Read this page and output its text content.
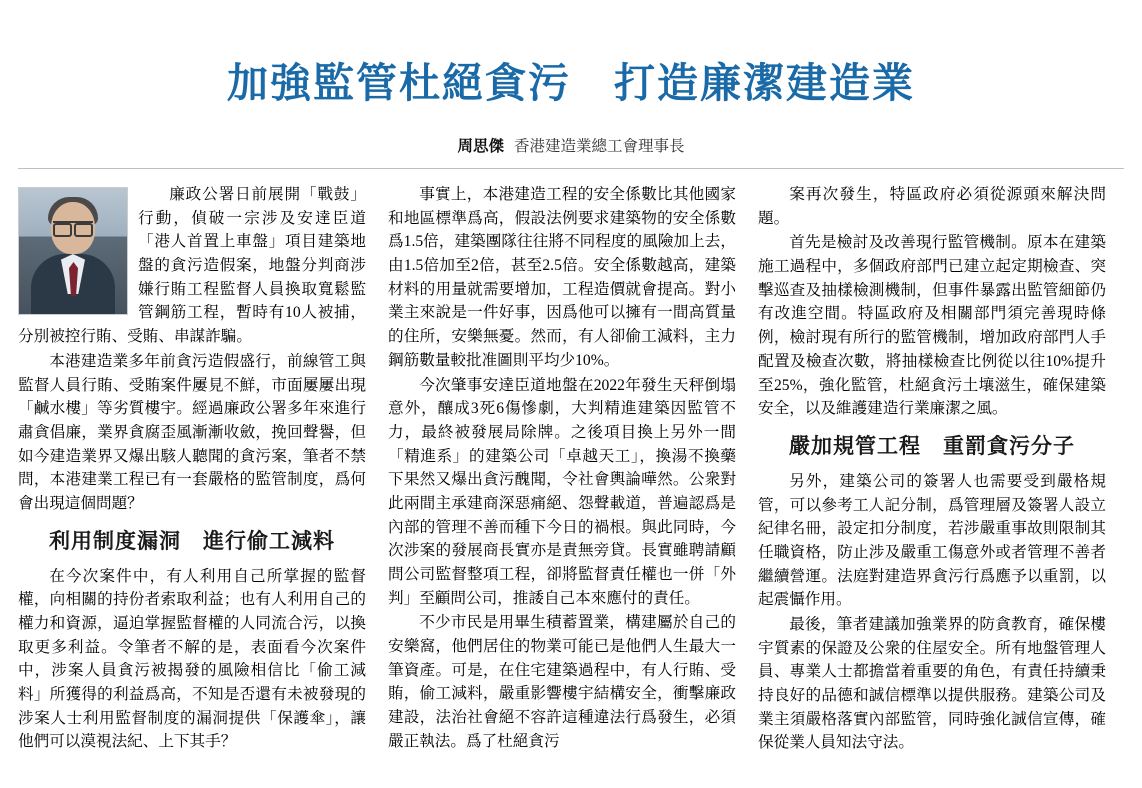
加強監管杜絕貪污　打造廉潔建造業
周思傑 香港建造業總工會理事長

廉政公署日前展開「戰鼓」行動，偵破一宗涉及安達臣道「港人首置上車盤」項目建築地盤的貪污造假案，地盤分判商涉嫌行賄工程監督人員換取寬鬆監管鋼筋工程，暫時有10人被捕，分別被控行賄、受賄、串謀詐騙。

本港建造業多年前貪污造假盛行，前線管工與監督人員行賄、受賄案件屢見不鮮，市面屢屢出現「鹹水樓」等劣質樓宇。經過廉政公署多年來進行肅貪倡廉，業界貪腐歪風漸漸收斂，挽回聲譽，但如今建造業界又爆出駭人聽聞的貪污案，筆者不禁問，本港建業工程已有一套嚴格的監管制度，爲何會出現這個問題？

利用制度漏洞　進行偷工減料

在今次案件中，有人利用自己所掌握的監督權，向相關的持份者索取利益；也有人利用自己的權力和資源，逼迫掌握監督權的人同流合污，以換取更多利益。令筆者不解的是，表面看今次案件中，涉案人員貪污被揭發的風險相信比「偷工減料」所獲得的利益爲高，不知是否還有未被發現的涉案人士利用監督制度的漏洞提供「保護傘」，讓他們可以漠視法紀、上下其手？

事實上，本港建造工程的安全係數比其他國家和地區標準爲高，假設法例要求建築物的安全係數爲1.5倍，建築團隊往往將不同程度的風險加上去，由1.5倍加至2倍，甚至2.5倍。安全係數越高，建築材料的用量就需要增加，工程造價就會提高。對小業主來說是一件好事，因爲他可以擁有一間高質量的住所，安樂無憂。然而，有人卻偷工減料，主力鋼筋數量較批准圖則平均少10%。

今次肇事安達臣道地盤在2022年發生天秤倒塌意外，釀成3死6傷慘劇，大判精進建築因監管不力，最終被發展局除牌。之後項目換上另外一間「精進系」的建築公司「卓越天工」，換湯不換藥下果然又爆出貪污醜聞，令社會輿論嘩然。公衆對此兩間主承建商深惡痛絕、怨聲載道，普遍認爲是內部的管理不善而種下今日的禍根。與此同時，今次涉案的發展商長實亦是責無旁貸。長實雖聘請顧問公司監督整項工程，卻將監督責任權也一併「外判」至顧問公司，推諉自己本來應付的責任。

不少市民是用畢生積蓄置業，構建屬於自己的安樂窩，他們居住的物業可能已是他們人生最大一筆資產。可是，在住宅建築過程中，有人行賄、受賄，偷工減料，嚴重影響樓宇結構安全，衝擊廉政建設，法治社會絕不容許這種違法行爲發生，必須嚴正執法。爲了杜絕貪污

案再次發生，特區政府必須從源頭來解決問題。

首先是檢討及改善現行監管機制。原本在建築施工過程中，多個政府部門已建立起定期檢查、突擊巡查及抽樣檢測機制，但事件暴露出監管細節仍有改進空間。特區政府及相關部門須完善現時條例，檢討現有所行的監管機制，增加政府部門人手配置及檢查次數，將抽樣檢查比例從以往10%提升至25%，強化監管，杜絕貪污土壤滋生，確保建築安全，以及維護建造行業廉潔之風。

嚴加規管工程　重罰貪污分子

另外，建築公司的簽署人也需要受到嚴格規管，可以參考工人記分制，爲管理層及簽署人設立紀律名冊，設定扣分制度，若涉嚴重事故則限制其任職資格，防止涉及嚴重工傷意外或者管理不善者繼續營運。法庭對建造界貪污行爲應予以重罰，以起震懾作用。

最後，筆者建議加強業界的防貪教育，確保樓宇質素的保證及公衆的住屋安全。所有地盤管理人員、專業人士都擔當着重要的角色，有責任持續秉持良好的品德和誠信標準以提供服務。建築公司及業主須嚴格落實內部監管，同時強化誠信宣傳，確保從業人員知法守法。
